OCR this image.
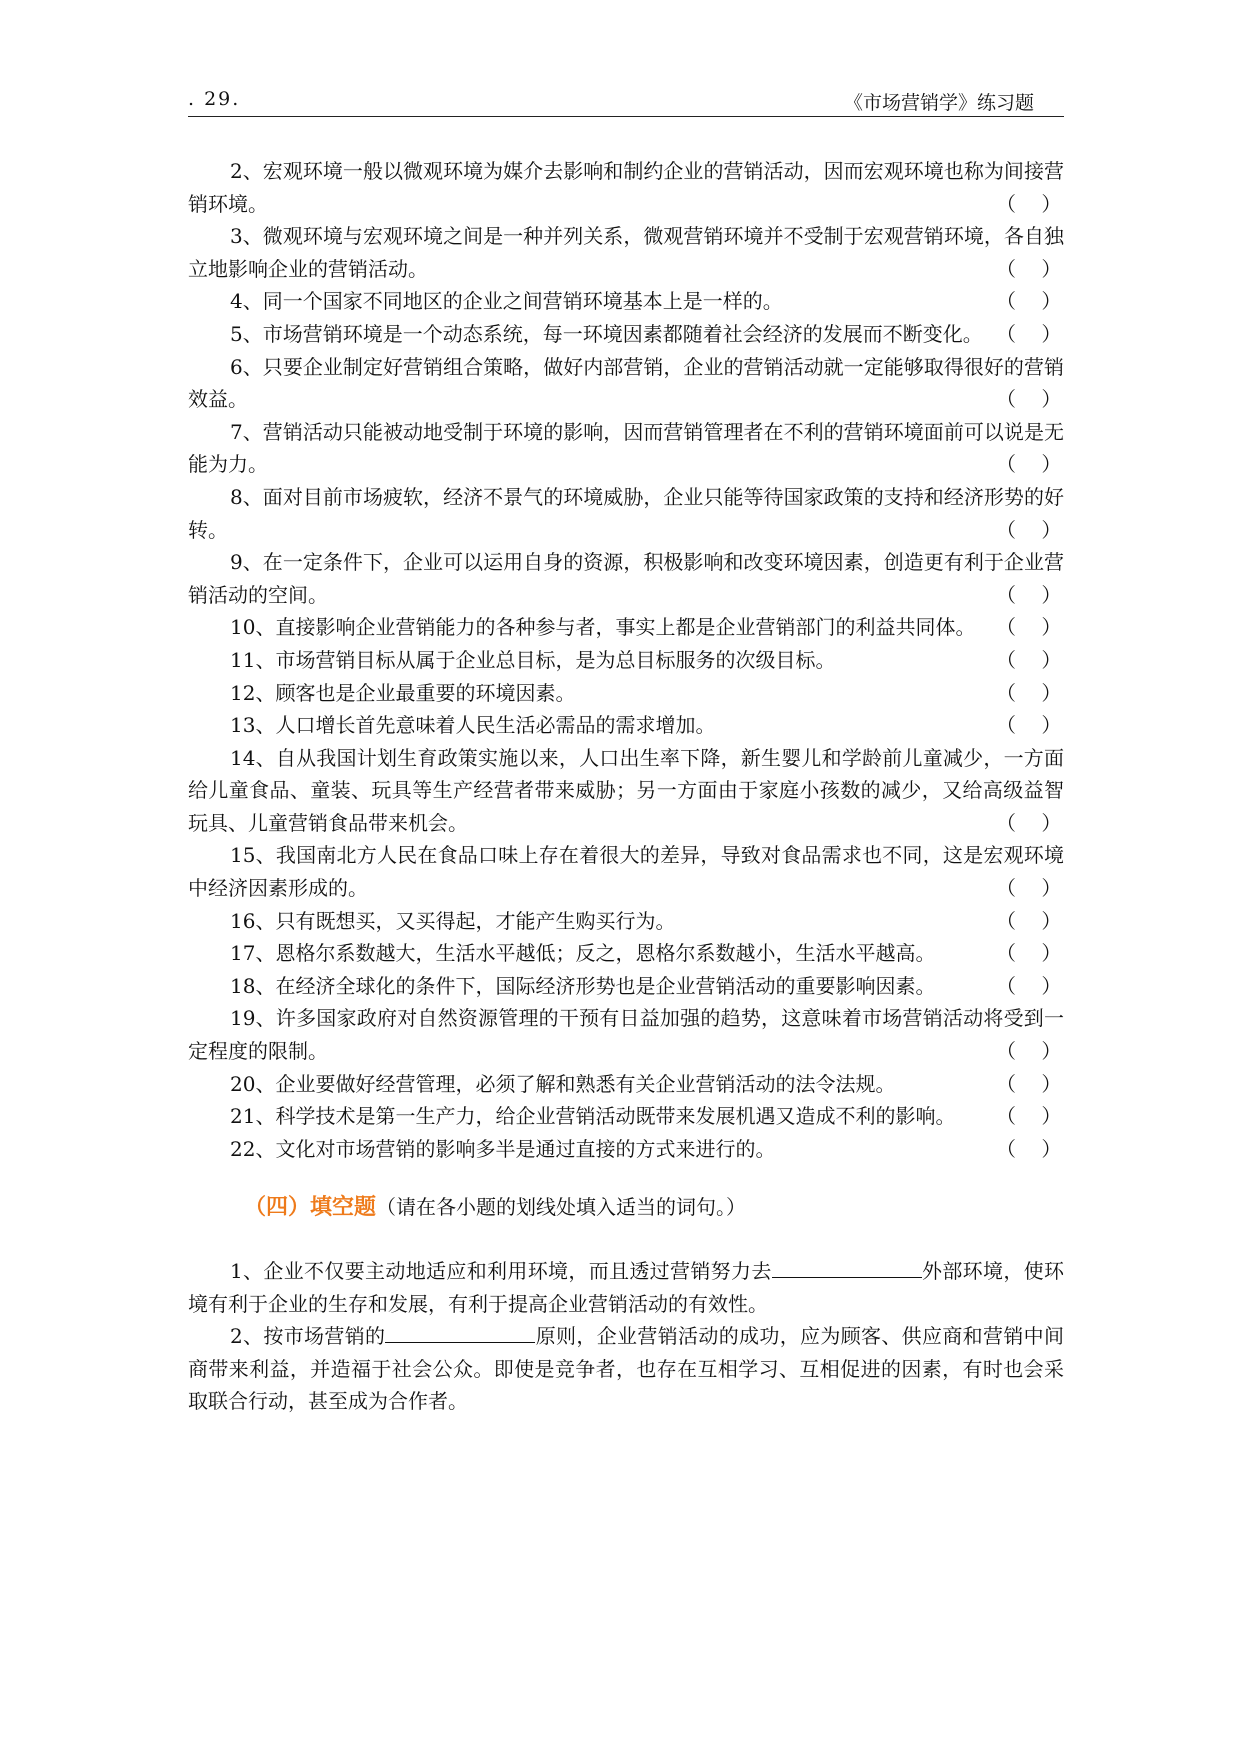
. 29.	《市场营销学》练习题

2、宏观环境一般以微观环境为媒介去影响和制约企业的营销活动，因而宏观环境也称为间接营销环境。	（    ）

3、微观环境与宏观环境之间是一种并列关系，微观营销环境并不受制于宏观营销环境，各自独立地影响企业的营销活动。	（    ）

4、同一个国家不同地区的企业之间营销环境基本上是一样的。	（    ）

5、市场营销环境是一个动态系统，每一环境因素都随着社会经济的发展而不断变化。 （    ）

6、只要企业制定好营销组合策略，做好内部营销，企业的营销活动就一定能够取得很好的营销效益。	（    ）

7、营销活动只能被动地受制于环境的影响，因而营销管理者在不利的营销环境面前可以说是无能为力。	（    ）

8、面对目前市场疲软，经济不景气的环境威胁，企业只能等待国家政策的支持和经济形势的好转。	（    ）

9、在一定条件下，企业可以运用自身的资源，积极影响和改变环境因素，创造更有利于企业营销活动的空间。	（    ）

10、直接影响企业营销能力的各种参与者，事实上都是企业营销部门的利益共同体。 （    ）

11、市场营销目标从属于企业总目标，是为总目标服务的次级目标。	（    ）

12、顾客也是企业最重要的环境因素。	（    ）

13、人口增长首先意味着人民生活必需品的需求增加。	（    ）

14、自从我国计划生育政策实施以来，人口出生率下降，新生婴儿和学龄前儿童减少，一方面给儿童食品、童装、玩具等生产经营者带来威胁；另一方面由于家庭小孩数的减少，又给高级益智玩具、儿童营销食品带来机会。	（    ）

15、我国南北方人民在食品口味上存在着很大的差异，导致对食品需求也不同，这是宏观环境中经济因素形成的。	（    ）

16、只有既想买，又买得起，才能产生购买行为。	（    ）

17、恩格尔系数越大，生活水平越低；反之，恩格尔系数越小，生活水平越高。	（    ）

18、在经济全球化的条件下，国际经济形势也是企业营销活动的重要影响因素。	（    ）

19、许多国家政府对自然资源管理的干预有日益加强的趋势，这意味着市场营销活动将受到一定程度的限制。	（    ）

20、企业要做好经营管理，必须了解和熟悉有关企业营销活动的法令法规。	（    ）

21、科学技术是第一生产力，给企业营销活动既带来发展机遇又造成不利的影响。 （    ）

22、文化对市场营销的影响多半是通过直接的方式来进行的。	（    ）

（四）填空题（请在各小题的划线处填入适当的词句。）

1、企业不仅要主动地适应和利用环境，而且透过营销努力去	外部环境，使环境有利于企业的生存和发展，有利于提高企业营销活动的有效性。

2、按市场营销的	原则，企业营销活动的成功，应为顾客、供应商和营销中间商带来利益，并造福于社会公众。即使是竞争者，也存在互相学习、互相促进的因素，有时也会采取联合行动，甚至成为合作者。
